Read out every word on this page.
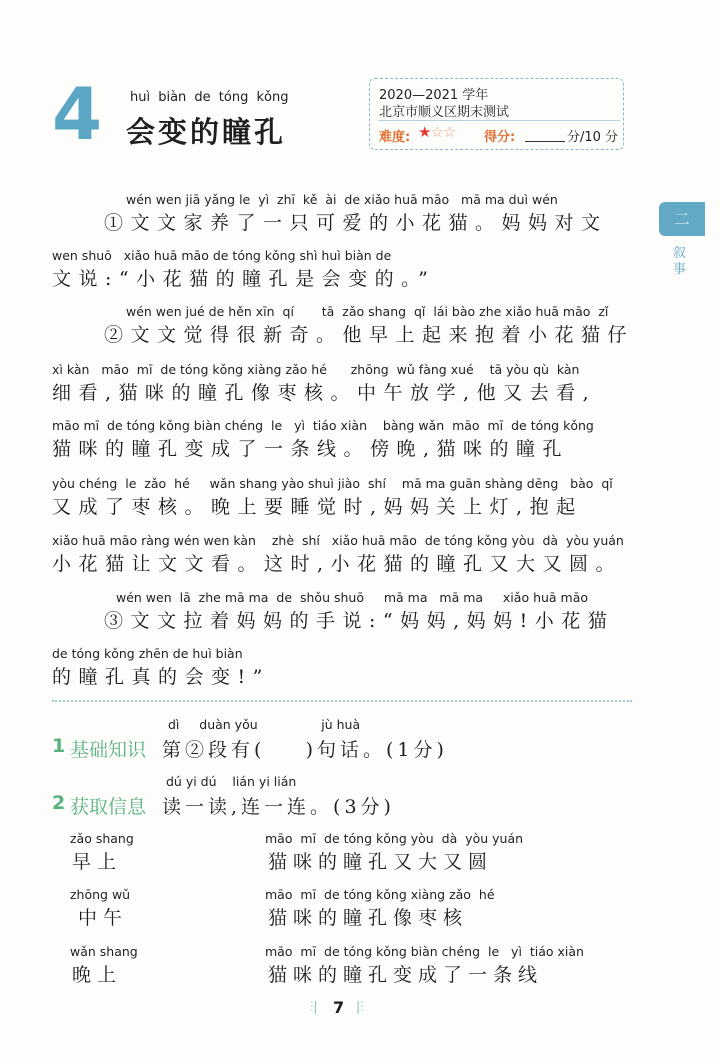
4 huì biàn de tóng kǒng
会变的瞳孔
2020—2021 学年
北京市顺义区期末测试
难度: ★☆☆ 得分:	分/10 分
二
叙事
wén wen jiā yǎng le  yì  zhī  kě  ài  de xiǎo huā māo   mā ma duì wén
①文文家养了一只可爱的小花猫。妈妈对文
wen shuō   xiǎo huā māo de tóng kǒng shì huì biàn de
文说:“小花猫的瞳孔是会变的。”
wén wen jué de hěn xīn  qí       tā  zǎo shang  qǐ  lái bào zhe xiǎo huā māo  zǐ
②文文觉得很新奇。他早上起来抱着小花猫仔
xì kàn   māo  mī  de tóng kǒng xiàng zǎo hé      zhōng  wǔ fàng xué    tā yòu qù  kàn
细看,猫咪的瞳孔像枣核。中午放学,他又去看,
māo mī  de tóng kǒng biàn chéng  le   yì  tiáo xiàn    bàng wǎn  māo  mī  de tóng kǒng
猫咪的瞳孔变成了一条线。傍晚,猫咪的瞳孔
yòu chéng  le  zǎo  hé     wǎn shang yào shuì jiào  shí    mā ma guān shàng dēng   bào  qǐ
又成了枣核。晚上要睡觉时,妈妈关上灯,抱起
xiǎo huā māo ràng wén wen kàn    zhè  shí   xiǎo huā māo  de tóng kǒng yòu  dà  yòu yuán
小花猫让文文看。这时,小花猫的瞳孔又大又圆。
wén wen  lā  zhe mā ma  de  shǒu shuō     mā ma   mā ma     xiǎo huā māo
③文文拉着妈妈的手说:“妈妈,妈妈!小花猫
de tóng kǒng zhēn de huì biàn
的瞳孔真的会变!”
dì     duàn yǒu                jù huà
1 基础知识 第②段有(    )句话。(1分)
dú yi dú    lián yi lián
2 获取信息 读一读,连一连。(3分)
zǎo shang
早上
māo  mī  de tóng kǒng yòu  dà  yòu yuán
猫咪的瞳孔又大又圆
zhōng wǔ
中午
māo  mī  de tóng kǒng xiàng zǎo  hé
猫咪的瞳孔像枣核
wǎn shang
晚上
māo  mī  de tóng kǒng biàn chéng  le   yì  tiáo xiàn
猫咪的瞳孔变成了一条线
⫶| 7 |⫶
